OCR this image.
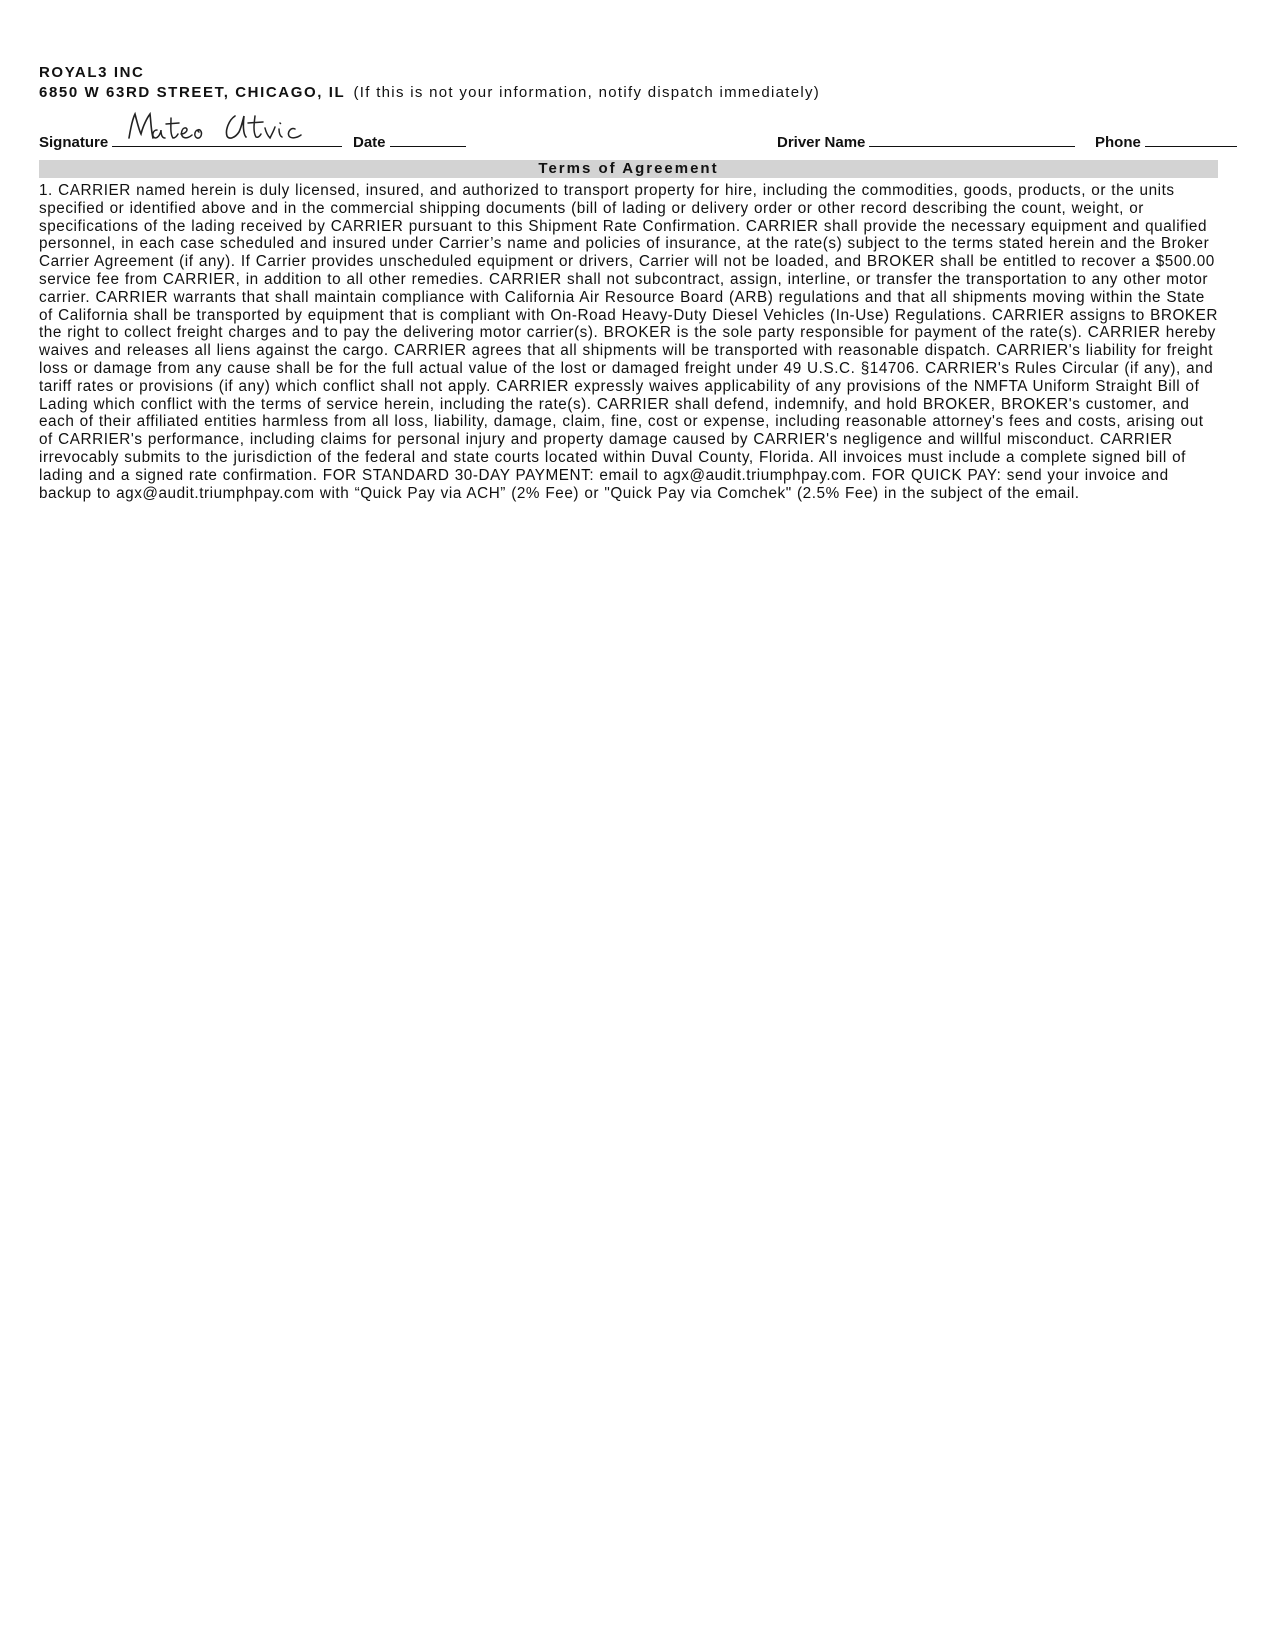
ROYAL3 INC
6850 W 63RD STREET, CHICAGO, IL (If this is not your information, notify dispatch immediately)
Signature	Date	Driver Name	Phone
Terms of Agreement

1. CARRIER named herein is duly licensed, insured, and authorized to transport property for hire, including the commodities, goods, products, or the units specified or identified above and in the commercial shipping documents (bill of lading or delivery order or other record describing the count, weight, or specifications of the lading received by CARRIER pursuant to this Shipment Rate Confirmation. CARRIER shall provide the necessary equipment and qualified personnel, in each case scheduled and insured under Carrier’s name and policies of insurance, at the rate(s) subject to the terms stated herein and the Broker Carrier Agreement (if any). If Carrier provides unscheduled equipment or drivers, Carrier will not be loaded, and BROKER shall be entitled to recover a $500.00 service fee from CARRIER, in addition to all other remedies. CARRIER shall not subcontract, assign, interline, or transfer the transportation to any other motor carrier. CARRIER warrants that shall maintain compliance with California Air Resource Board (ARB) regulations and that all shipments moving within the State of California shall be transported by equipment that is compliant with On-Road Heavy-Duty Diesel Vehicles (In-Use) Regulations. CARRIER assigns to BROKER the right to collect freight charges and to pay the delivering motor carrier(s). BROKER is the sole party responsible for payment of the rate(s). CARRIER hereby waives and releases all liens against the cargo. CARRIER agrees that all shipments will be transported with reasonable dispatch. CARRIER's liability for freight loss or damage from any cause shall be for the full actual value of the lost or damaged freight under 49 U.S.C. §14706. CARRIER's Rules Circular (if any), and tariff rates or provisions (if any) which conflict shall not apply. CARRIER expressly waives applicability of any provisions of the NMFTA Uniform Straight Bill of Lading which conflict with the terms of service herein, including the rate(s). CARRIER shall defend, indemnify, and hold BROKER, BROKER's customer, and each of their affiliated entities harmless from all loss, liability, damage, claim, fine, cost or expense, including reasonable attorney's fees and costs, arising out of CARRIER's performance, including claims for personal injury and property damage caused by CARRIER's negligence and willful misconduct. CARRIER irrevocably submits to the jurisdiction of the federal and state courts located within Duval County, Florida. All invoices must include a complete signed bill of lading and a signed rate confirmation. FOR STANDARD 30-DAY PAYMENT: email to agx@audit.triumphpay.com. FOR QUICK PAY: send your invoice and backup to agx@audit.triumphpay.com with “Quick Pay via ACH” (2% Fee) or "Quick Pay via Comchek" (2.5% Fee) in the subject of the email.
